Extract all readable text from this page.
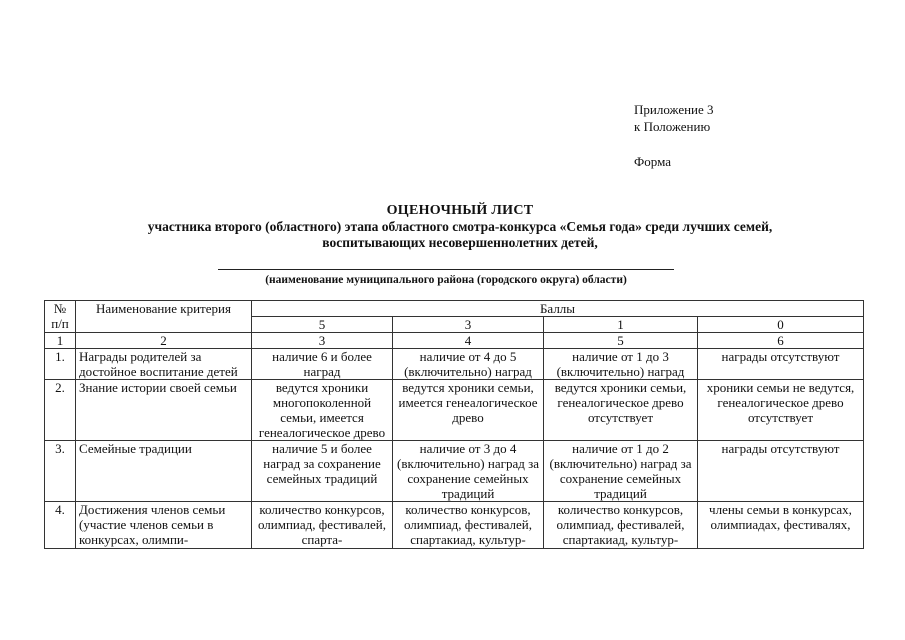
Приложение 3
к Положению
Форма
ОЦЕНОЧНЫЙ ЛИСТ
участника второго (областного) этапа областного смотра-конкурса «Семья года» среди лучших семей,
воспитывающих несовершеннолетних детей,
(наименование муниципального района (городского округа) области)
№ п/п	Наименование критерия	Баллы			
		5	3	1	0
1	2	3	4	5	6
1.	Награды родителей за достойное воспитание детей	наличие 6 и более наград	наличие от 4 до 5 (включительно) наград	наличие от 1 до 3 (включительно) наград	награды отсутствуют
2.	Знание истории своей семьи	ведутся хроники многопоколенной семьи, имеется генеалогическое древо	ведутся хроники семьи, имеется генеалогическое древо	ведутся хроники семьи, генеалогическое древо отсутствует	хроники семьи не ведутся, генеалогическое древо отсутствует
3.	Семейные традиции	наличие 5 и более наград за сохранение семейных традиций	наличие от 3 до 4 (включительно) наград за сохранение семейных традиций	наличие от 1 до 2 (включительно) наград за сохранение семейных традиций	награды отсутствуют
4.	Достижения членов семьи (участие членов семьи в конкурсах, олимпи-	количество конкурсов, олимпиад, фестивалей, спарта-	количество конкурсов, олимпиад, фестивалей, спартакиад, культур-	количество конкурсов, олимпиад, фестивалей, спартакиад, культур-	члены семьи в конкурсах, олимпиадах, фестивалях,
